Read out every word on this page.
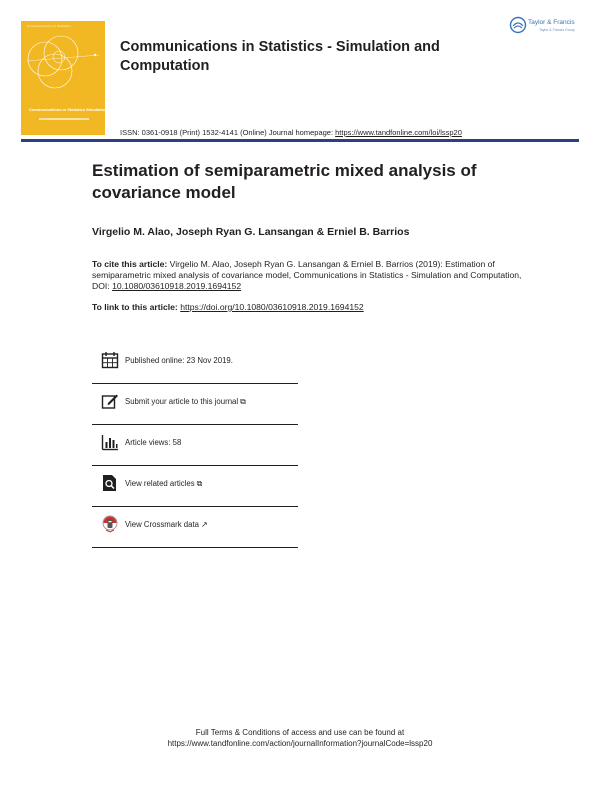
Communications in Statistics
Communications in Statistics Simulation and Computation
Taylor & Francis
Communications in Statistics - Simulation and Computation
Taylor & Francis
Taylor & Francis Group
ISSN: 0361-0918 (Print) 1532-4141 (Online) Journal homepage: https://www.tandfonline.com/loi/lssp20
Estimation of semiparametric mixed analysis of covariance model
Virgelio M. Alao, Joseph Ryan G. Lansangan & Erniel B. Barrios
To cite this article: Virgelio M. Alao, Joseph Ryan G. Lansangan & Erniel B. Barrios (2019): Estimation of semiparametric mixed analysis of covariance model, Communications in Statistics - Simulation and Computation, DOI: 10.1080/03610918.2019.1694152
To link to this article: https://doi.org/10.1080/03610918.2019.1694152
Published online: 23 Nov 2019.
Submit your article to this journal ⧉
Article views: 58
View related articles ⧉
View Crossmark data ↗
Full Terms & Conditions of access and use can be found at
https://www.tandfonline.com/action/journalInformation?journalCode=lssp20
